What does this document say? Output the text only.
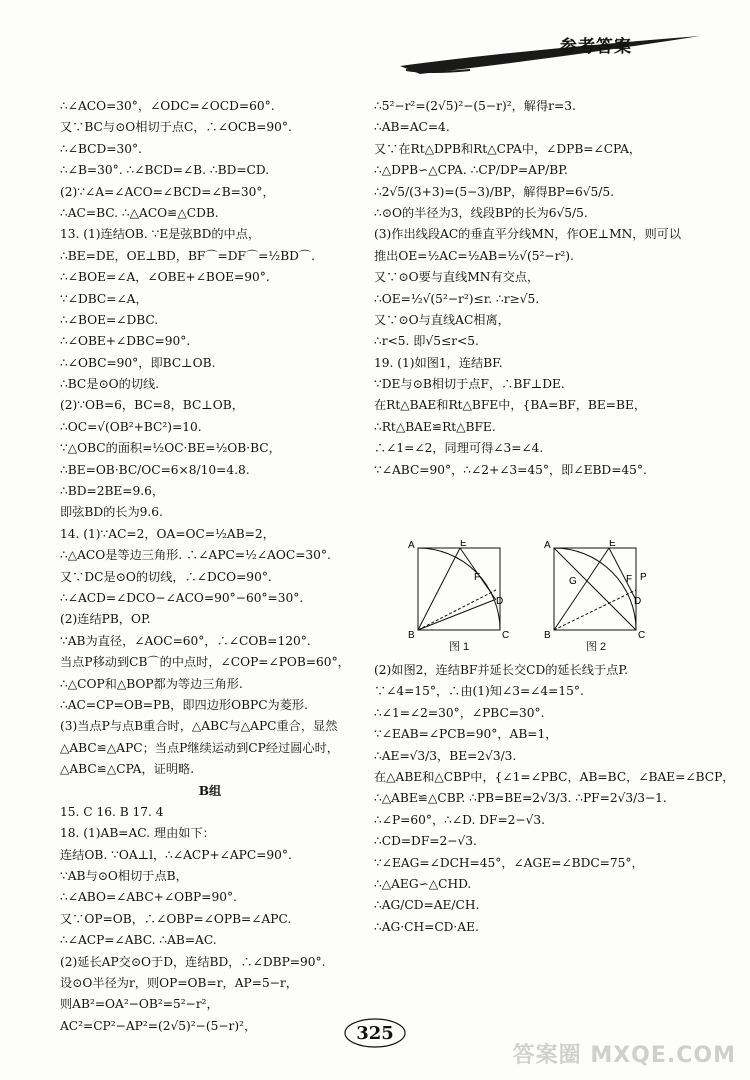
参考答案
∴∠ACO=30°，∠ODC=∠OCD=60°.
又∵BC与⊙O相切于点C，∴∠OCB=90°.
∴∠BCD=30°.
∴∠B=30°. ∴∠BCD=∠B. ∴BD=CD.
(2)∵∠A=∠ACO=∠BCD=∠B=30°，
∴AC=BC. ∴△ACO≌△CDB.
13. (1)连结OB. ∵E是弦BD的中点，
∴BE=DE，OE⊥BD，BF⌒=DF⌒=½BD⌒.
∴∠BOE=∠A，∠OBE+∠BOE=90°.
∵∠DBC=∠A，
∴∠BOE=∠DBC.
∴∠OBE+∠DBC=90°.
∴∠OBC=90°，即BC⊥OB.
∴BC是⊙O的切线.
(2)∵OB=6，BC=8，BC⊥OB，
∴OC=√(OB²+BC²)=10.
∵△OBC的面积=½OC·BE=½OB·BC，
∴BE=OB·BC/OC=6×8/10=4.8.
∴BD=2BE=9.6，
即弦BD的长为9.6.
14. (1)∵AC=2，OA=OC=½AB=2，
∴△ACO是等边三角形. ∴∠APC=½∠AOC=30°.
又∵DC是⊙O的切线，∴∠DCO=90°.
∴∠ACD=∠DCO−∠ACO=90°−60°=30°.
(2)连结PB，OP.
∵AB为直径，∠AOC=60°，∴∠COB=120°.
当点P移动到CB⌒的中点时，∠COP=∠POB=60°，
∴△COP和△BOP都为等边三角形.
∴AC=CP=OB=PB，即四边形OBPC为菱形.
(3)当点P与点B重合时，△ABC与△APC重合，显然
△ABC≌△APC；当点P继续运动到CP经过圆心时，
△ABC≌△CPA，证明略.
B组
15. C 16. B 17. 4
18. (1)AB=AC. 理由如下：
连结OB. ∵OA⊥l，∴∠ACP+∠APC=90°.
∵AB与⊙O相切于点B，
∴∠ABO=∠ABC+∠OBP=90°.
又∵OP=OB，∴∠OBP=∠OPB=∠APC.
∴∠ACP=∠ABC. ∴AB=AC.
(2)延长AP交⊙O于D，连结BD，∴∠DBP=90°.
设⊙O半径为r，则OP=OB=r，AP=5−r，
则AB²=OA²−OB²=5²−r²，
AC²=CP²−AP²=(2√5)²−(5−r)²，
∴5²−r²=(2√5)²−(5−r)²，解得r=3.
∴AB=AC=4.
又∵在Rt△DPB和Rt△CPA中，∠DPB=∠CPA，
∴△DPB∽△CPA. ∴CP/DP=AP/BP.
∴2√5/(3+3)=(5−3)/BP，解得BP=6√5/5.
∴⊙O的半径为3，线段BP的长为6√5/5.
(3)作出线段AC的垂直平分线MN，作OE⊥MN，则可以
推出OE=½AC=½AB=½√(5²−r²).
又∵⊙O要与直线MN有交点，
∴OE=½√(5²−r²)≤r. ∴r≥√5.
又∵⊙O与直线AC相离，
∴r<5. 即√5≤r<5.
19. (1)如图1，连结BF.
∵DE与⊙B相切于点F，∴BF⊥DE.
在Rt△BAE和Rt△BFE中，{BA=BF，BE=BE，
∴Rt△BAE≌Rt△BFE.
∴∠1=∠2，同理可得∠3=∠4.
∵∠ABC=90°，∴∠2+∠3=45°，即∠EBD=45°.
A	E
F
D
B	C
A	E
G	F P
D
B	C
图 1	图 2
(2)如图2，连结BF并延长交CD的延长线于点P.
∵∠4=15°，∴由(1)知∠3=∠4=15°.
∴∠1=∠2=30°，∠PBC=30°.
∵∠EAB=∠PCB=90°，AB=1，
∴AE=√3/3，BE=2√3/3.
在△ABE和△CBP中，{∠1=∠PBC，AB=BC，∠BAE=∠BCP，
∴△ABE≌△CBP. ∴PB=BE=2√3/3. ∴PF=2√3/3−1.
∴∠P=60°，∴∠D. DF=2−√3.
∴CD=DF=2−√3.
∵∠EAG=∠DCH=45°，∠AGE=∠BDC=75°，
∴△AEG∽△CHD.
∴AG/CD=AE/CH.
∴AG·CH=CD·AE.
325
答案圈 MXQE.COM
